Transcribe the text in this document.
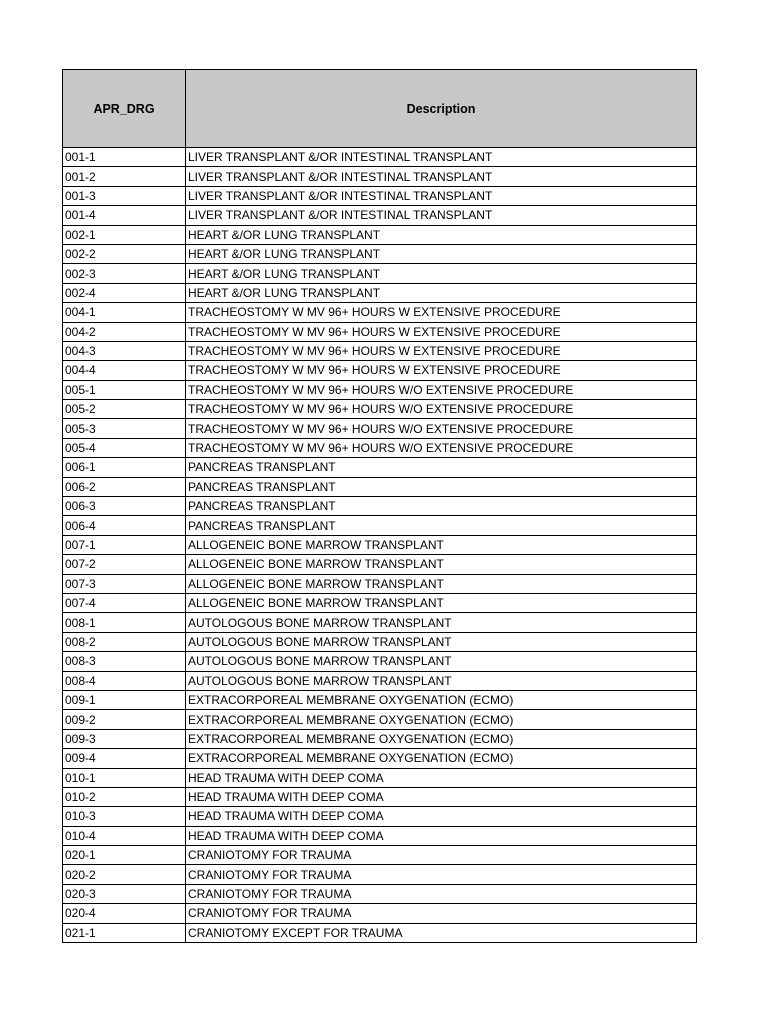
APR_DRG	Description
001-1	LIVER TRANSPLANT &/OR INTESTINAL TRANSPLANT
001-2	LIVER TRANSPLANT &/OR INTESTINAL TRANSPLANT
001-3	LIVER TRANSPLANT &/OR INTESTINAL TRANSPLANT
001-4	LIVER TRANSPLANT &/OR INTESTINAL TRANSPLANT
002-1	HEART &/OR LUNG TRANSPLANT
002-2	HEART &/OR LUNG TRANSPLANT
002-3	HEART &/OR LUNG TRANSPLANT
002-4	HEART &/OR LUNG TRANSPLANT
004-1	TRACHEOSTOMY W MV 96+ HOURS W EXTENSIVE PROCEDURE
004-2	TRACHEOSTOMY W MV 96+ HOURS W EXTENSIVE PROCEDURE
004-3	TRACHEOSTOMY W MV 96+ HOURS W EXTENSIVE PROCEDURE
004-4	TRACHEOSTOMY W MV 96+ HOURS W EXTENSIVE PROCEDURE
005-1	TRACHEOSTOMY W MV 96+ HOURS W/O EXTENSIVE PROCEDURE
005-2	TRACHEOSTOMY W MV 96+ HOURS W/O EXTENSIVE PROCEDURE
005-3	TRACHEOSTOMY W MV 96+ HOURS W/O EXTENSIVE PROCEDURE
005-4	TRACHEOSTOMY W MV 96+ HOURS W/O EXTENSIVE PROCEDURE
006-1	PANCREAS TRANSPLANT
006-2	PANCREAS TRANSPLANT
006-3	PANCREAS TRANSPLANT
006-4	PANCREAS TRANSPLANT
007-1	ALLOGENEIC BONE MARROW TRANSPLANT
007-2	ALLOGENEIC BONE MARROW TRANSPLANT
007-3	ALLOGENEIC BONE MARROW TRANSPLANT
007-4	ALLOGENEIC BONE MARROW TRANSPLANT
008-1	AUTOLOGOUS BONE MARROW TRANSPLANT
008-2	AUTOLOGOUS BONE MARROW TRANSPLANT
008-3	AUTOLOGOUS BONE MARROW TRANSPLANT
008-4	AUTOLOGOUS BONE MARROW TRANSPLANT
009-1	EXTRACORPOREAL MEMBRANE OXYGENATION (ECMO)
009-2	EXTRACORPOREAL MEMBRANE OXYGENATION (ECMO)
009-3	EXTRACORPOREAL MEMBRANE OXYGENATION (ECMO)
009-4	EXTRACORPOREAL MEMBRANE OXYGENATION (ECMO)
010-1	HEAD TRAUMA WITH DEEP COMA
010-2	HEAD TRAUMA WITH DEEP COMA
010-3	HEAD TRAUMA WITH DEEP COMA
010-4	HEAD TRAUMA WITH DEEP COMA
020-1	CRANIOTOMY FOR TRAUMA
020-2	CRANIOTOMY FOR TRAUMA
020-3	CRANIOTOMY FOR TRAUMA
020-4	CRANIOTOMY FOR TRAUMA
021-1	CRANIOTOMY EXCEPT FOR TRAUMA
